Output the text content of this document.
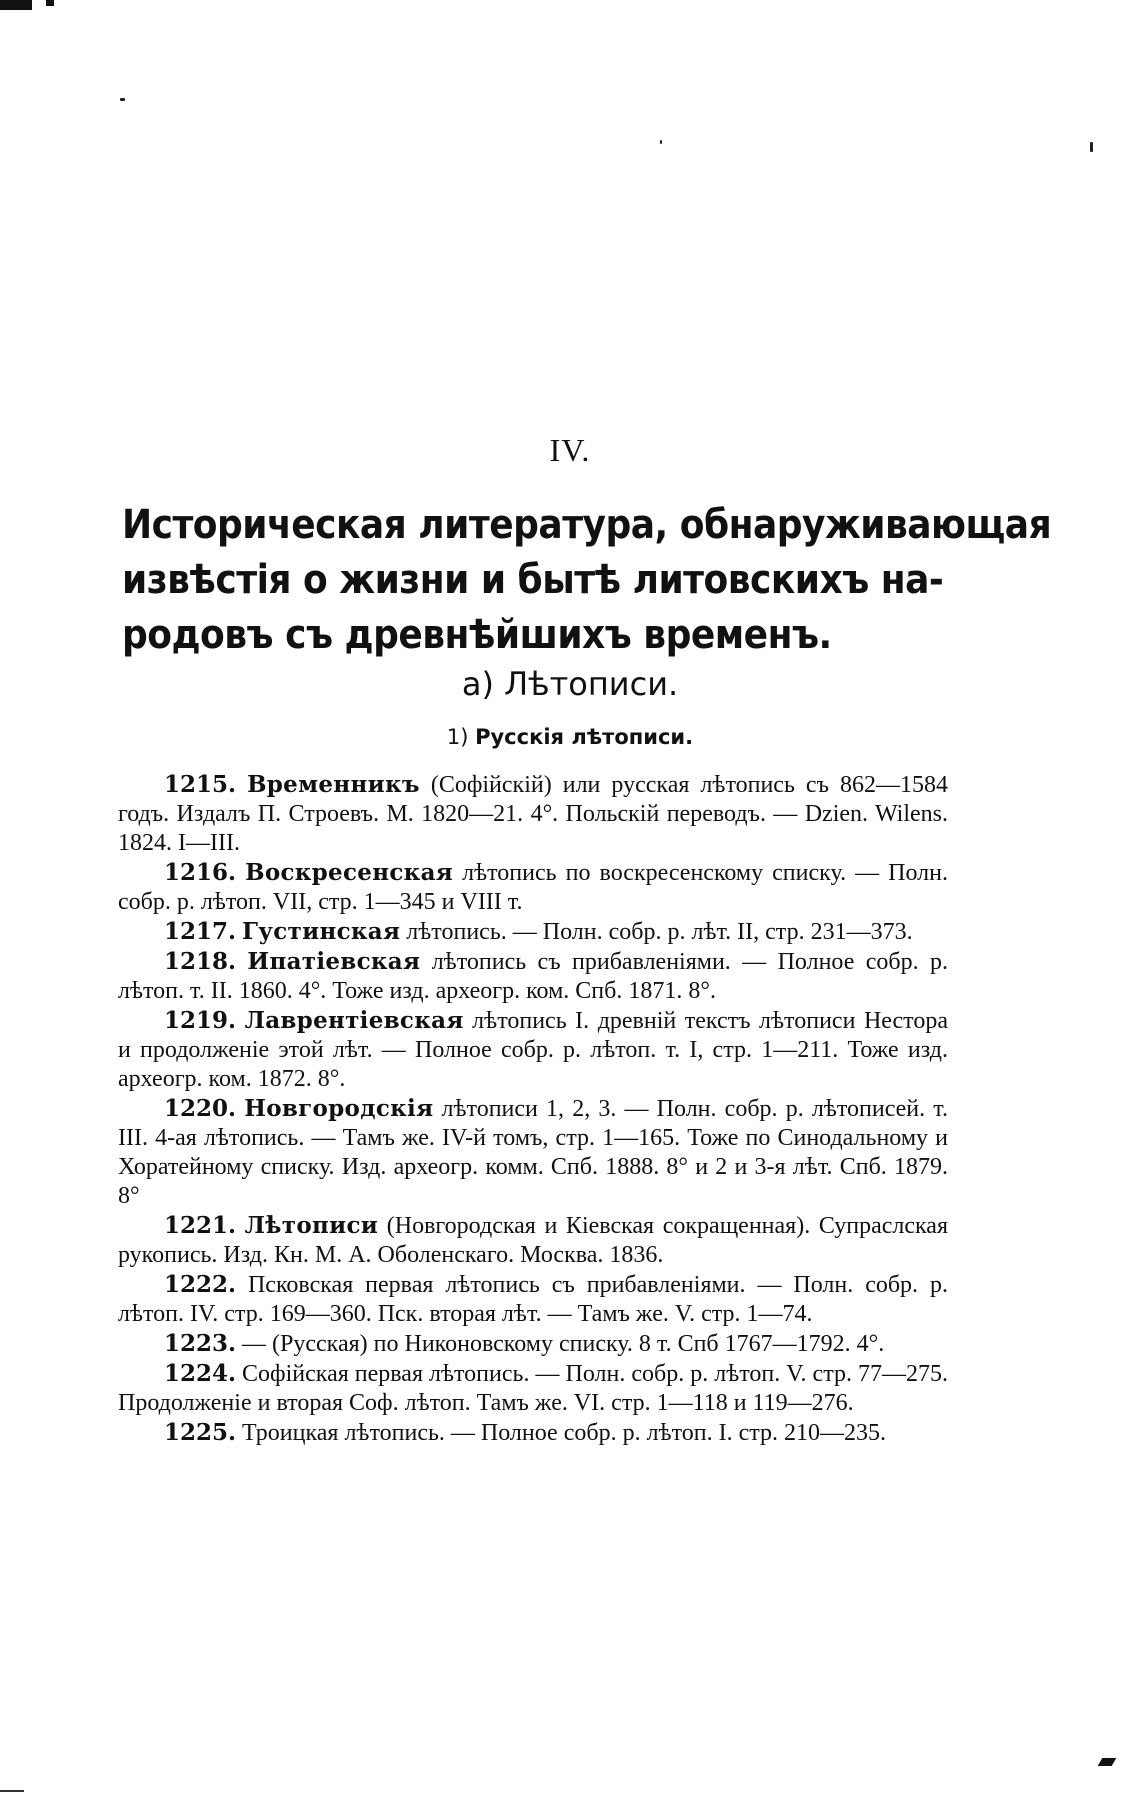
IV.
Историческая литература, обнаруживающая
извѣстія о жизни и бытѣ литовскихъ на-
родовъ съ древнѣйшихъ временъ.
а) Лѣтописи.
1) Русскія лѣтописи.

1215. Временникъ (Софійскій) или русская лѣтопись съ 862—1584 годъ. Издалъ П. Строевъ. М. 1820—21. 4°. Польскій переводъ. — Dzien. Wilens. 1824. I—III.

1216. Воскресенская лѣтопись по воскресенскому списку. — Полн. собр. р. лѣтоп. VII, стр. 1—345 и VIII т.

1217. Густинская лѣтопись. — Полн. собр. р. лѣт. II, стр. 231—373.

1218. Ипатіевская лѣтопись съ прибавленіями. — Полное собр. р. лѣтоп. т. II. 1860. 4°. Тоже изд. археогр. ком. Спб. 1871. 8°.

1219. Лаврентіевская лѣтопись I. древній текстъ лѣтописи Нестора и продолженіе этой лѣт. — Полное собр. р. лѣтоп. т. I, стр. 1—211. Тоже изд. археогр. ком. 1872. 8°.

1220. Новгородскія лѣтописи 1, 2, 3. — Полн. собр. р. лѣтописей. т. III. 4-ая лѣтопись. — Тамъ же. IV-й томъ, стр. 1—165. Тоже по Синодальному и Хоратейному списку. Изд. археогр. комм. Спб. 1888. 8° и 2 и 3-я лѣт. Спб. 1879. 8°

1221. Лѣтописи (Новгородская и Кіевская сокращенная). Супраслская рукопись. Изд. Кн. М. А. Оболенскаго. Москва. 1836.

1222. Псковская первая лѣтопись съ прибавленіями. — Полн. собр. р. лѣтоп. IV. стр. 169—360. Пск. вторая лѣт. — Тамъ же. V. стр. 1—74.

1223. — (Русская) по Никоновскому списку. 8 т. Спб 1767—1792. 4°.

1224. Софійская первая лѣтопись. — Полн. собр. р. лѣтоп. V. стр. 77—275. Продолженіе и вторая Соф. лѣтоп. Тамъ же. VI. стр. 1—118 и 119—276.

1225. Троицкая лѣтопись. — Полное собр. р. лѣтоп. I. стр. 210—235.
